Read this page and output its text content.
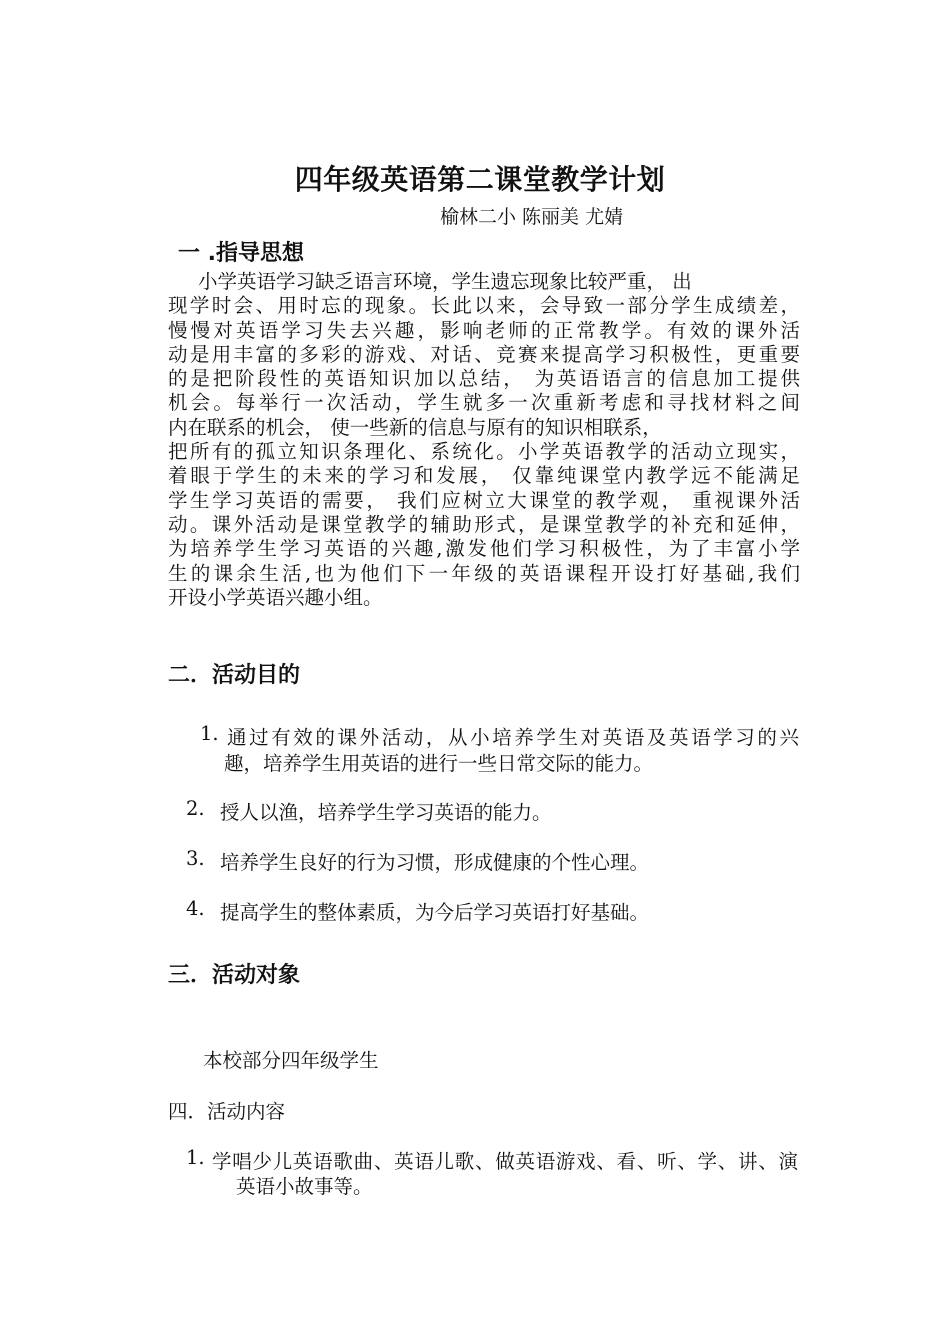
四年级英语第二课堂教学计划
榆林二小 陈丽美 尤婧
一 .指导思想
小学英语学习缺乏语言环境，学生遗忘现象比较严重， 出
现学时会、用时忘的现象。长此以来，会导致一部分学生成绩差，
慢慢对英语学习失去兴趣，影响老师的正常教学。有效的课外活
动是用丰富的多彩的游戏、对话、竞赛来提高学习积极性，更重要
的是把阶段性的英语知识加以总结， 为英语语言的信息加工提供
机会。每举行一次活动，学生就多一次重新考虑和寻找材料之间
内在联系的机会， 使一些新的信息与原有的知识相联系，
把所有的孤立知识条理化、系统化。小学英语教学的活动立现实，
着眼于学生的未来的学习和发展， 仅靠纯课堂内教学远不能满足
学生学习英语的需要， 我们应树立大课堂的教学观， 重视课外活
动。课外活动是课堂教学的辅助形式，是课堂教学的补充和延伸，
为培养学生学习英语的兴趣,激发他们学习积极性，为了丰富小学
生的课余生活,也为他们下一年级的英语课程开设打好基础,我们
开设小学英语兴趣小组。
二．活动目的
1. 通过有效的课外活动，从小培养学生对英语及英语学习的兴
趣，培养学生用英语的进行一些日常交际的能力。
2. 授人以渔，培养学生学习英语的能力。
3. 培养学生良好的行为习惯，形成健康的个性心理。
4. 提高学生的整体素质，为今后学习英语打好基础。
三．活动对象
本校部分四年级学生
四．活动内容
1. 学唱少儿英语歌曲、英语儿歌、做英语游戏、看、听、学、讲、演
英语小故事等。
